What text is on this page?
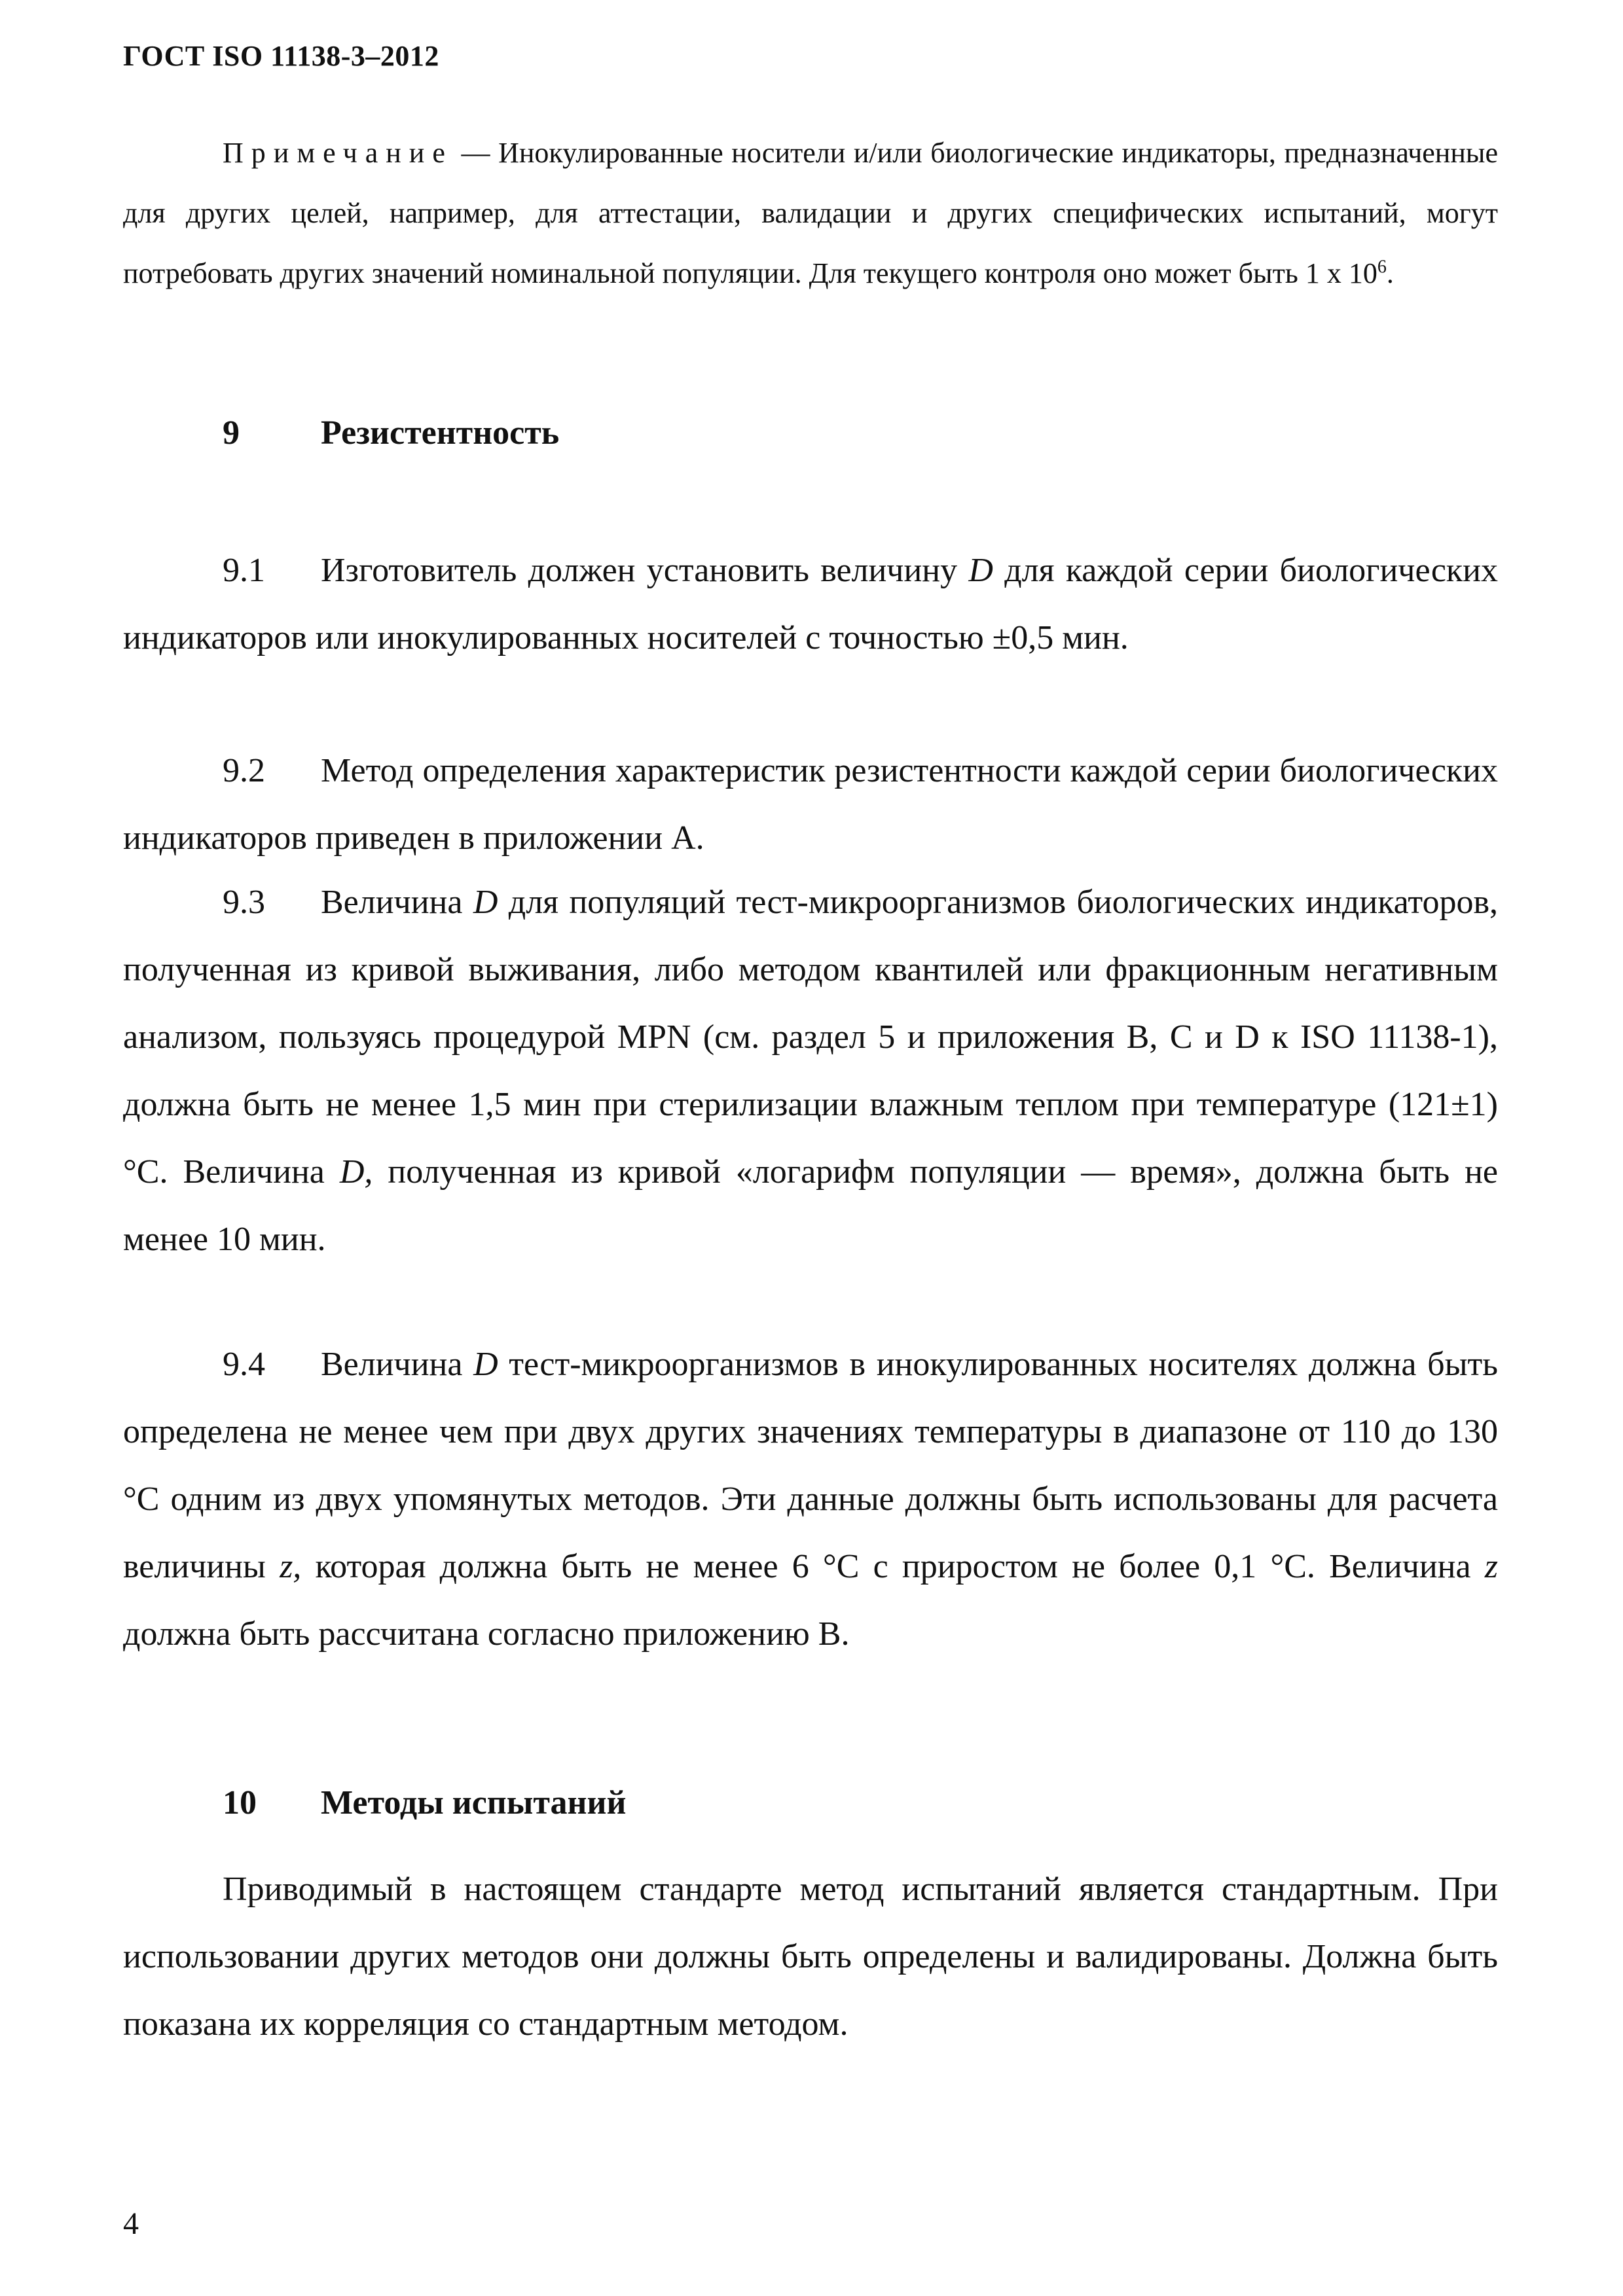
ГОСТ ISO 11138-3–2012
Примечание — Инокулированные носители и/или биологические индикаторы, предназначенные для других целей, например, для аттестации, валидации и других специфических испытаний, могут потребовать других значений номинальной популяции. Для текущего контроля оно может быть 1 х $10^6$.
9 Резистентность
9.1 Изготовитель должен установить величину D для каждой серии биологических индикаторов или инокулированных носителей с точностью ±0,5 мин.
9.2 Метод определения характеристик резистентности каждой серии биологических индикаторов приведен в приложении А.
9.3 Величина D для популяций тест-микроорганизмов биологических индикаторов, полученная из кривой выживания, либо методом квантилей или фракционным негативным анализом, пользуясь процедурой MPN (см. раздел 5 и приложения В, С и D к ISO 11138-1), должна быть не менее 1,5 мин при стерилизации влажным теплом при температуре (121±1) °С. Величина D, полученная из кривой «логарифм популяции — время», должна быть не менее 10 мин.
9.4 Величина D тест-микроорганизмов в инокулированных носителях должна быть определена не менее чем при двух других значениях температуры в диапазоне от 110 до 130 °С одним из двух упомянутых методов. Эти данные должны быть использованы для расчета величины z, которая должна быть не менее 6 °С с приростом не более 0,1 °С. Величина z должна быть рассчитана согласно приложению В.
10 Методы испытаний
Приводимый в настоящем стандарте метод испытаний является стандартным. При использовании других методов они должны быть определены и валидированы. Должна быть показана их корреляция со стандартным методом.
4
